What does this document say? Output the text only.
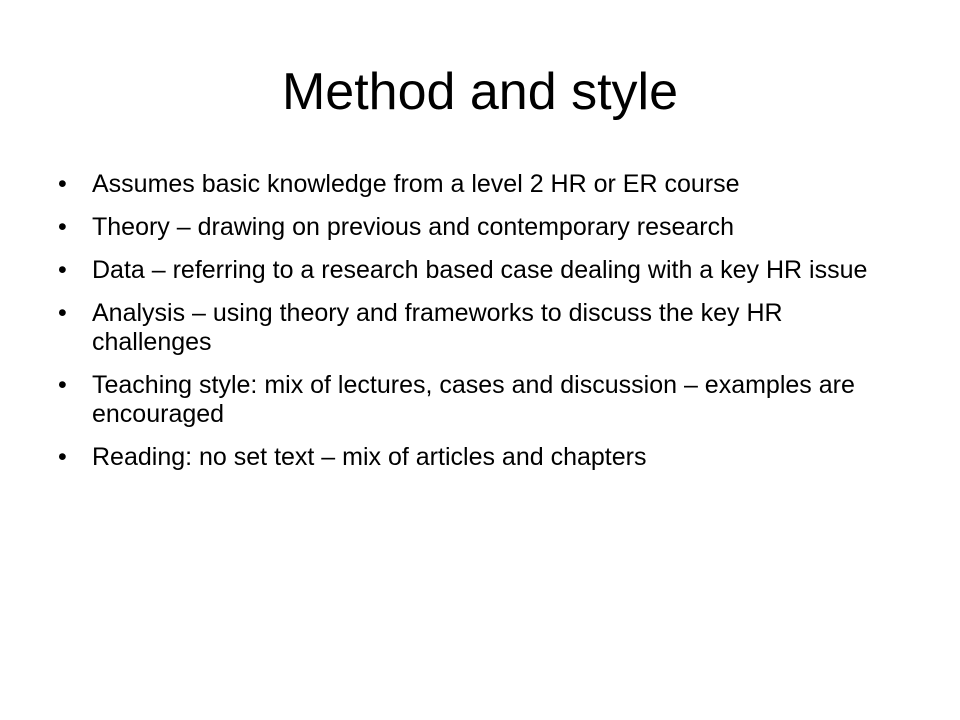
Method and style
•	Assumes basic knowledge from a level 2 HR or ER course
•	Theory – drawing on previous and contemporary research
•	Data – referring to a research based case dealing with a key HR issue
•	Analysis – using theory and frameworks to discuss the key HR challenges
•	Teaching style: mix of lectures, cases and discussion – examples are encouraged
•	Reading: no set text – mix of articles and chapters
